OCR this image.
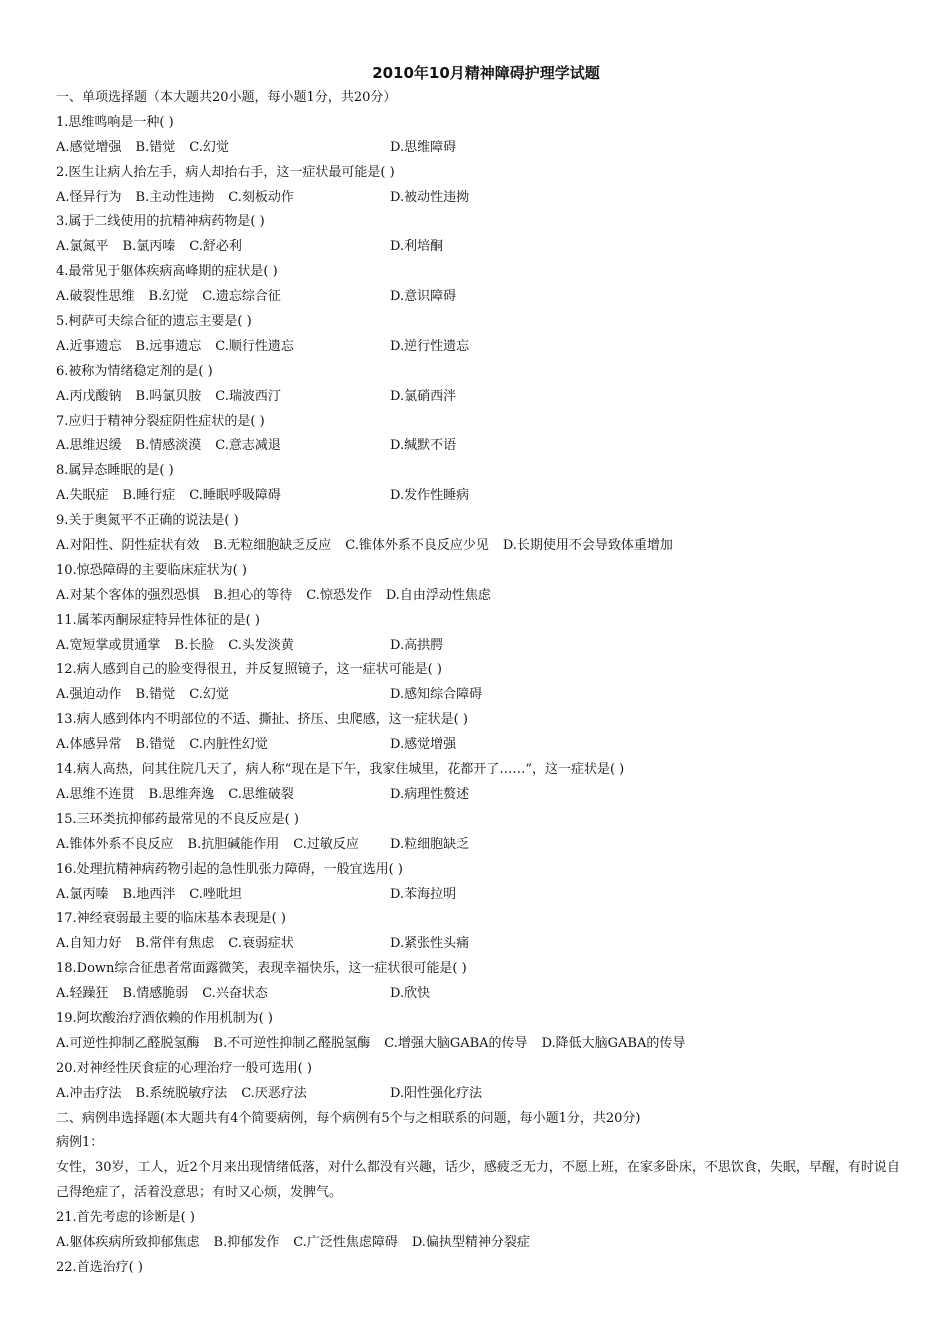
2010年10月精神障碍护理学试题
一、单项选择题（本大题共20小题，每小题1分，共20分）
1.思维鸣响是一种( )
A.感觉增强 B.错觉 C.幻觉	D.思维障碍
2.医生让病人抬左手，病人却抬右手，这一症状最可能是( )
A.怪异行为 B.主动性违拗 C.刻板动作	D.被动性违拗
3.属于二线使用的抗精神病药物是( )
A.氯氮平 B.氯丙嗪 C.舒必利	D.利培酮
4.最常见于躯体疾病高峰期的症状是( )
A.破裂性思维 B.幻觉 C.遗忘综合征	D.意识障碍
5.柯萨可夫综合征的遗忘主要是( )
A.近事遗忘 B.远事遗忘 C.顺行性遗忘	D.逆行性遗忘
6.被称为情绪稳定剂的是( )
A.丙戊酸钠 B.吗氯贝胺 C.瑞波西汀	D.氯硝西泮
7.应归于精神分裂症阴性症状的是( )
A.思维迟缓 B.情感淡漠 C.意志减退	D.缄默不语
8.属异态睡眠的是( )
A.失眠症 B.睡行症 C.睡眠呼吸障碍	D.发作性睡病
9.关于奥氮平不正确的说法是( )
A.对阳性、阴性症状有效 B.无粒细胞缺乏反应 C.锥体外系不良反应少见 D.长期使用不会导致体重增加
10.惊恐障碍的主要临床症状为( )
A.对某个客体的强烈恐惧 B.担心的等待 C.惊恐发作 D.自由浮动性焦虑
11.属苯丙酮尿症特异性体征的是( )
A.宽短掌或贯通掌 B.长脸 C.头发淡黄	D.高拱腭
12.病人感到自己的脸变得很丑，并反复照镜子，这一症状可能是( )
A.强迫动作 B.错觉 C.幻觉	D.感知综合障碍
13.病人感到体内不明部位的不适、撕扯、挤压、虫爬感，这一症状是( )
A.体感异常 B.错觉 C.内脏性幻觉	D.感觉增强
14.病人高热，问其住院几天了，病人称“现在是下午，我家住城里，花都开了……”，这一症状是( )
A.思维不连贯 B.思维奔逸 C.思维破裂	D.病理性赘述
15.三环类抗抑郁药最常见的不良反应是( )
A.锥体外系不良反应 B.抗胆碱能作用 C.过敏反应 D.粒细胞缺乏
16.处理抗精神病药物引起的急性肌张力障碍，一般宜选用( )
A.氯丙嗪 B.地西泮 C.唑吡坦	D.苯海拉明
17.神经衰弱最主要的临床基本表现是( )
A.自知力好 B.常伴有焦虑 C.衰弱症状	D.紧张性头痛
18.Down综合征患者常面露微笑，表现幸福快乐，这一症状很可能是( )
A.轻躁狂 B.情感脆弱 C.兴奋状态	D.欣快
19.阿坎酸治疗酒依赖的作用机制为( )
A.可逆性抑制乙醛脱氢酶 B.不可逆性抑制乙醛脱氢酶 C.增强大脑GABA的传导 D.降低大脑GABA的传导
20.对神经性厌食症的心理治疗一般可选用( )
A.冲击疗法 B.系统脱敏疗法 C.厌恶疗法	D.阳性强化疗法
二、病例串选择题(本大题共有4个简要病例，每个病例有5个与之相联系的问题，每小题1分，共20分)
病例1：
女性，30岁，工人，近2个月来出现情绪低落，对什么都没有兴趣，话少，感疲乏无力，不愿上班，在家多卧床，不思饮食，失眠，早醒，有时说自己得绝症了，活着没意思；有时又心烦，发脾气。
21.首先考虑的诊断是( )
A.躯体疾病所致抑郁焦虑 B.抑郁发作 C.广泛性焦虑障碍 D.偏执型精神分裂症
22.首选治疗( )
